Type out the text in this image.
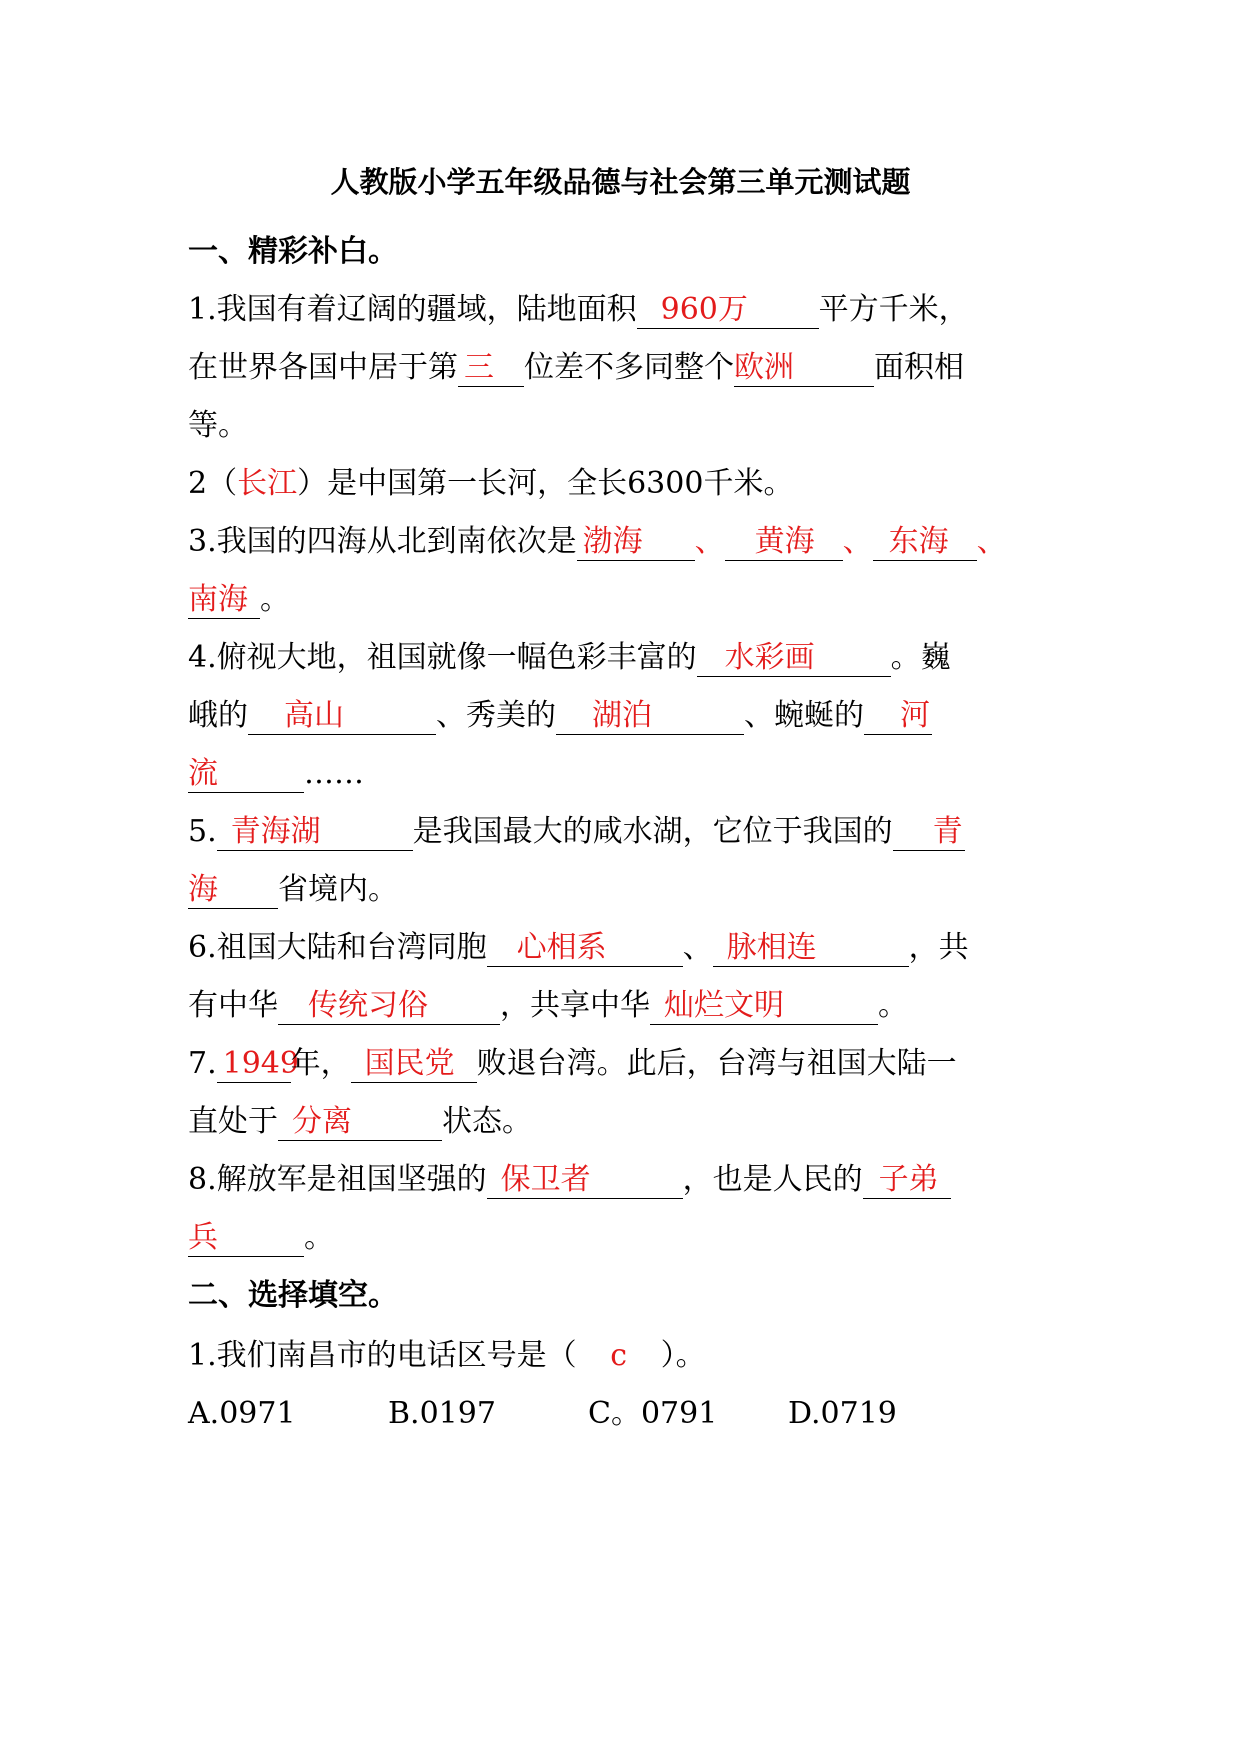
人教版小学五年级品德与社会第三单元测试题
一、精彩补白。
1.我国有着辽阔的疆域，陆地面积 960万 平方千米，
在世界各国中居于第 三 位差不多同整个欧洲	面积相
等。
2（长江）是中国第一长河，全长6300千米。
3.我国的四海从北到南依次是 渤海 、 黄海 、 东海 、
南海 。
4.俯视大地，祖国就像一幅色彩丰富的 水彩画	。巍
峨的 高山	、秀美的 湖泊	、蜿蜒的 河
流	……
5. 青海湖	是我国最大的咸水湖，它位于我国的 青
海 省境内。
6.祖国大陆和台湾同胞 心相系	、 脉相连	，共
有中华 传统习俗 ，共享中华 灿烂文明	。
7. 1949年， 国民党 败退台湾。此后，台湾与祖国大陆一
直处于 分离	状态。
8.解放军是祖国坚强的 保卫者	，也是人民的 子弟
兵	。
二、选择填空。
1.我们南昌市的电话区号是（ c ）。
A.0971	B.0197	C。0791 D.0719
